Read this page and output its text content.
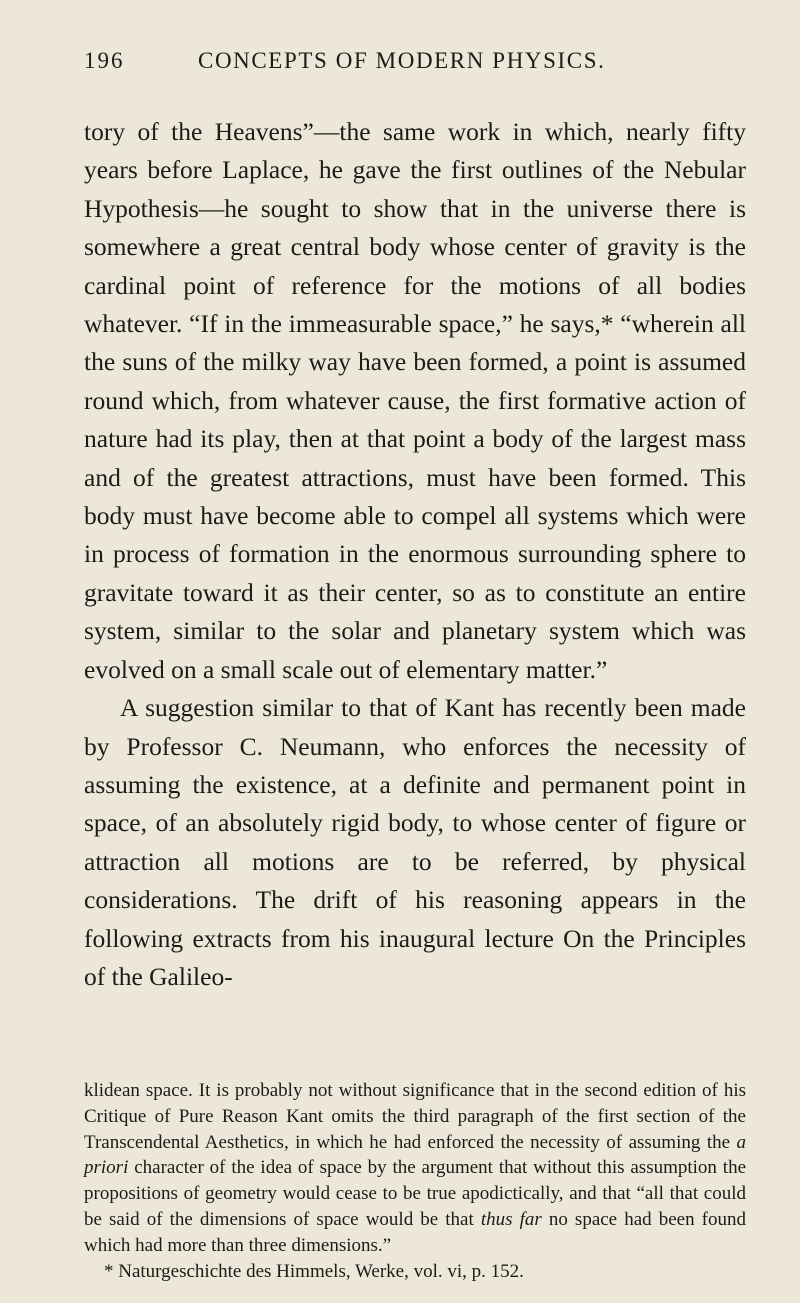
196	CONCEPTS OF MODERN PHYSICS.

tory of the Heavens”—the same work in which, nearly fifty years before Laplace, he gave the first outlines of the Nebular Hypothesis—he sought to show that in the universe there is somewhere a great central body whose center of gravity is the cardinal point of reference for the motions of all bodies whatever. “If in the immeasurable space,” he says,* “wherein all the suns of the milky way have been formed, a point is assumed round which, from whatever cause, the first formative action of nature had its play, then at that point a body of the largest mass and of the greatest attractions, must have been formed. This body must have become able to compel all systems which were in process of formation in the enormous surrounding sphere to gravitate toward it as their center, so as to constitute an entire system, similar to the solar and planetary system which was evolved on a small scale out of elementary matter.”

A suggestion similar to that of Kant has recently been made by Professor C. Neumann, who enforces the necessity of assuming the existence, at a definite and permanent point in space, of an absolutely rigid body, to whose center of figure or attraction all motions are to be referred, by physical considerations. The drift of his reasoning appears in the following extracts from his inaugural lecture On the Principles of the Galileo-

klidean space. It is probably not without significance that in the second edition of his Critique of Pure Reason Kant omits the third paragraph of the first section of the Transcendental Aesthetics, in which he had enforced the necessity of assuming the a priori character of the idea of space by the argument that without this assumption the propositions of geometry would cease to be true apodictically, and that “all that could be said of the dimensions of space would be that thus far no space had been found which had more than three dimensions.”

* Naturgeschichte des Himmels, Werke, vol. vi, p. 152.
